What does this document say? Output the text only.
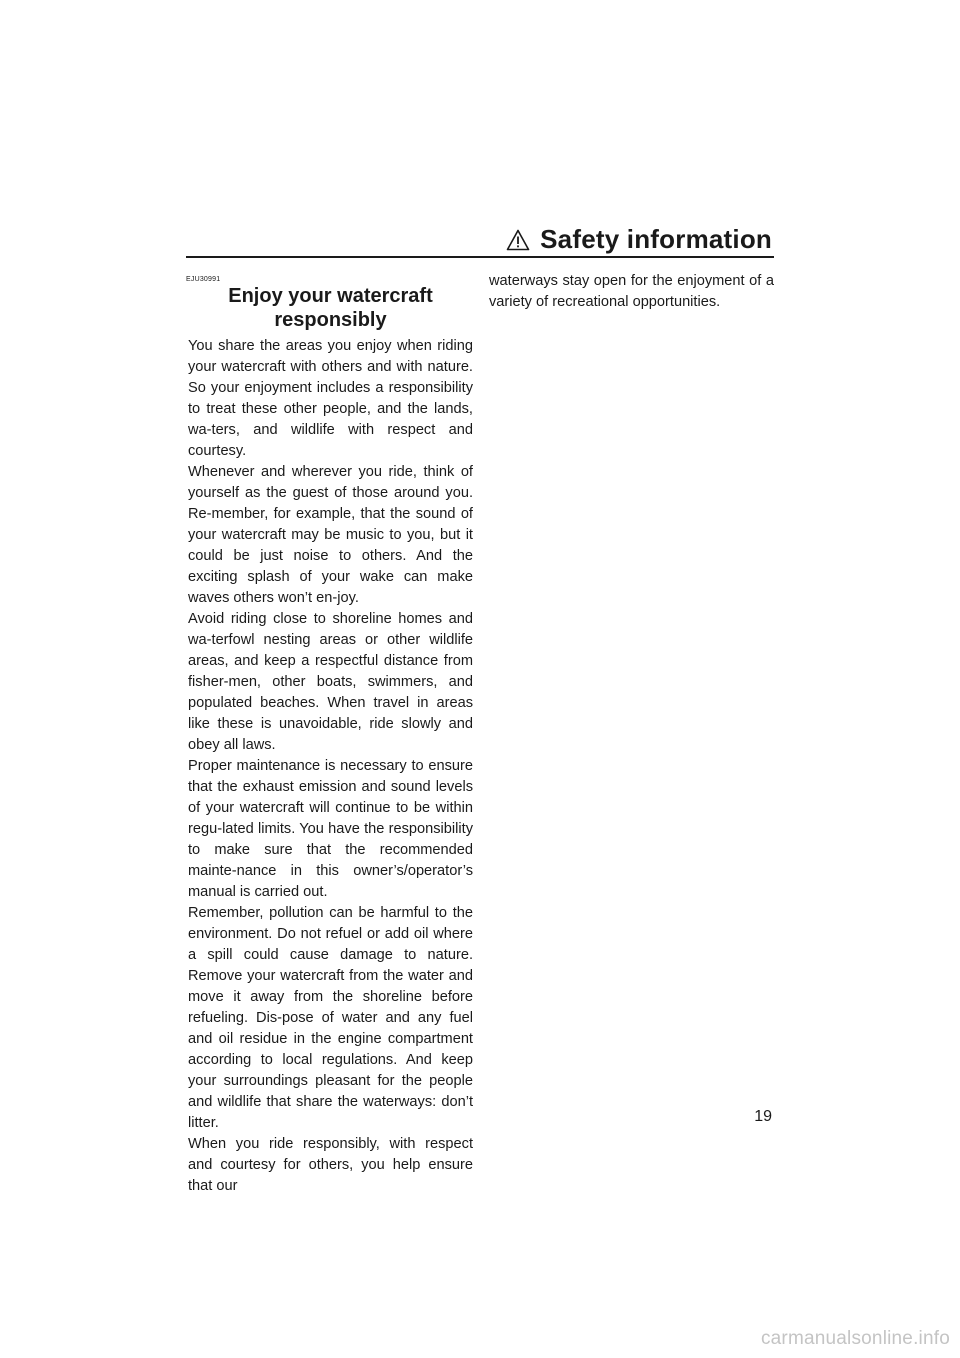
Safety information
EJU30991
Enjoy your watercraft
responsibly

You share the areas you enjoy when riding your watercraft with others and with nature. So your enjoyment includes a responsibility to treat these other people, and the lands, wa-ters, and wildlife with respect and courtesy.

Whenever and wherever you ride, think of yourself as the guest of those around you. Re-member, for example, that the sound of your watercraft may be music to you, but it could be just noise to others. And the exciting splash of your wake can make waves others won’t en-joy.

Avoid riding close to shoreline homes and wa-terfowl nesting areas or other wildlife areas, and keep a respectful distance from fisher-men, other boats, swimmers, and populated beaches. When travel in areas like these is unavoidable, ride slowly and obey all laws.

Proper maintenance is necessary to ensure that the exhaust emission and sound levels of your watercraft will continue to be within regu-lated limits. You have the responsibility to make sure that the recommended mainte-nance in this owner’s/operator’s manual is carried out.

Remember, pollution can be harmful to the environment. Do not refuel or add oil where a spill could cause damage to nature. Remove your watercraft from the water and move it away from the shoreline before refueling. Dis-pose of water and any fuel and oil residue in the engine compartment according to local regulations. And keep your surroundings pleasant for the people and wildlife that share the waterways: don’t litter.

When you ride responsibly, with respect and courtesy for others, you help ensure that our

waterways stay open for the enjoyment of a variety of recreational opportunities.

19
carmanualsonline.info
